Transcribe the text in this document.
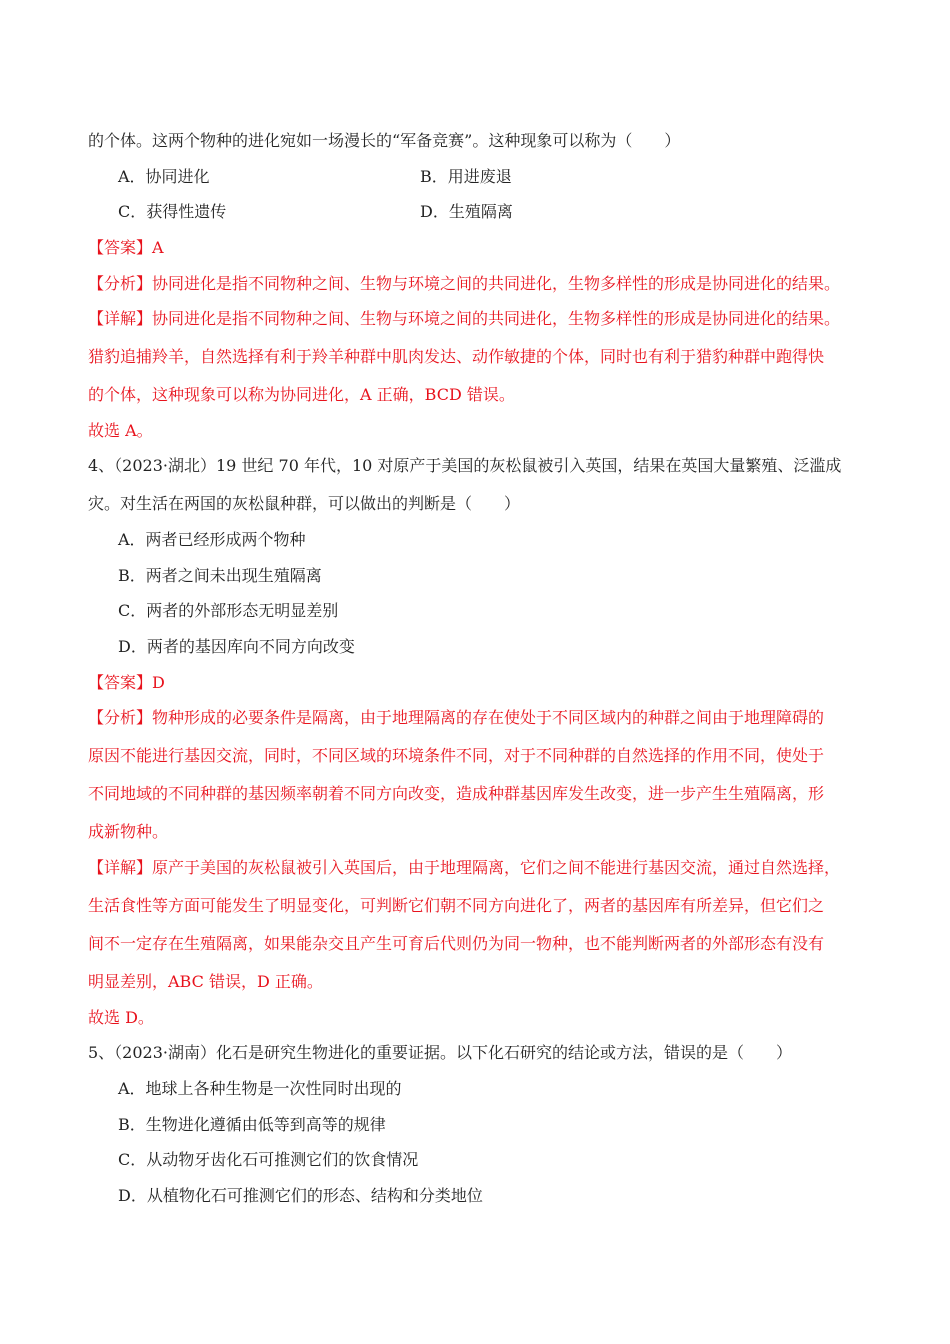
的个体。这两个物种的进化宛如一场漫长的“军备竞赛”。这种现象可以称为（　　）
A．协同进化	B．用进废退
C．获得性遗传	D．生殖隔离
【答案】A
【分析】协同进化是指不同物种之间、生物与环境之间的共同进化，生物多样性的形成是协同进化的结果。
【详解】协同进化是指不同物种之间、生物与环境之间的共同进化，生物多样性的形成是协同进化的结果。
猎豹追捕羚羊，自然选择有利于羚羊种群中肌肉发达、动作敏捷的个体，同时也有利于猎豹种群中跑得快
的个体，这种现象可以称为协同进化，A 正确，BCD 错误。
故选 A。
4、（2023·湖北）19 世纪 70 年代，10 对原产于美国的灰松鼠被引入英国，结果在英国大量繁殖、泛滥成
灾。对生活在两国的灰松鼠种群，可以做出的判断是（　　）
A．两者已经形成两个物种
B．两者之间未出现生殖隔离
C．两者的外部形态无明显差别
D．两者的基因库向不同方向改变
【答案】D
【分析】物种形成的必要条件是隔离，由于地理隔离的存在使处于不同区域内的种群之间由于地理障碍的
原因不能进行基因交流，同时，不同区域的环境条件不同，对于不同种群的自然选择的作用不同，使处于
不同地域的不同种群的基因频率朝着不同方向改变，造成种群基因库发生改变，进一步产生生殖隔离，形
成新物种。
【详解】原产于美国的灰松鼠被引入英国后，由于地理隔离，它们之间不能进行基因交流，通过自然选择，
生活食性等方面可能发生了明显变化，可判断它们朝不同方向进化了，两者的基因库有所差异，但它们之
间不一定存在生殖隔离，如果能杂交且产生可育后代则仍为同一物种，也不能判断两者的外部形态有没有
明显差别，ABC 错误，D 正确。
故选 D。
5、（2023·湖南）化石是研究生物进化的重要证据。以下化石研究的结论或方法，错误的是（　　）
A．地球上各种生物是一次性同时出现的
B．生物进化遵循由低等到高等的规律
C．从动物牙齿化石可推测它们的饮食情况
D．从植物化石可推测它们的形态、结构和分类地位
